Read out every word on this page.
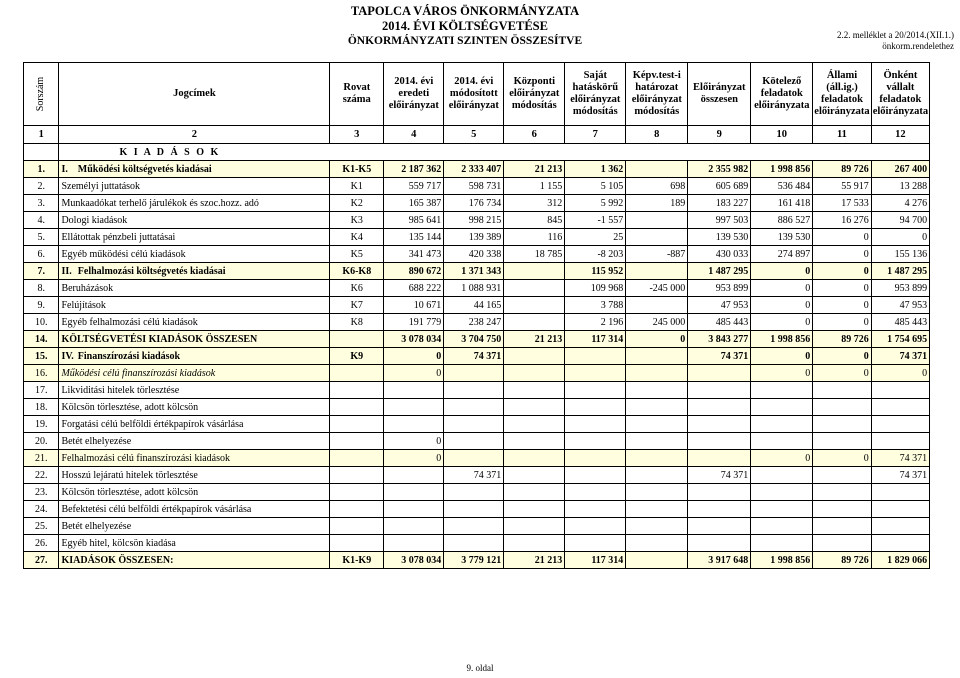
TAPOLCA VÁROS ÖNKORMÁNYZATA
2014. ÉVI KÖLTSÉGVETÉSE
ÖNKORMÁNYZATI SZINTEN ÖSSZESÍTVE	2.2. melléklet a 20/2014.(XII.1.)
önkorm.rendelethez
Sorszám	Jogcímek		Rovat száma	2014. évi eredeti előirányzat	2014. évi módosított előirányzat	Központi előirányzat módosítás	Saját hatáskörű előirányzat módosítás	Képv.test-i határozat előirányzat módosítás	Előirányzat összesen	Kötelező feladatok előirányzata	Állami (áll.ig.) feladatok előirányzata	Önként vállalt feladatok előirányzata
1	2		3	4	5	6	7	8	9	10	11	12
	K I A D Á S O K											
1.	I.	Működési költségvetés kiadásai	K1-K5	2 187 362	2 333 407	21 213	1 362		2 355 982	1 998 856	89 726	267 400
2.	Személyi juttatások		K1	559 717	598 731	1 155	5 105	698	605 689	536 484	55 917	13 288
3.	Munkaadókat terhelő járulékok és szoc.hozz. adó		K2	165 387	176 734	312	5 992	189	183 227	161 418	17 533	4 276
4.	Dologi kiadások		K3	985 641	998 215	845	-1 557		997 503	886 527	16 276	94 700
5.	Ellátottak pénzbeli juttatásai		K4	135 144	139 389	116	25		139 530	139 530	0	0
6.	Egyéb működési célú kiadások		K5	341 473	420 338	18 785	-8 203	-887	430 033	274 897	0	155 136
7.	II.	Felhalmozási költségvetés kiadásai	K6-K8	890 672	1 371 343		115 952		1 487 295	0	0	1 487 295
8.	Beruházások		K6	688 222	1 088 931		109 968	-245 000	953 899	0	0	953 899
9.	Felújítások		K7	10 671	44 165		3 788		47 953	0	0	47 953
10.	Egyéb felhalmozási célú kiadások		K8	191 779	238 247		2 196	245 000	485 443	0	0	485 443
14.	KÖLTSÉGVETÉSI KIADÁSOK ÖSSZESEN			3 078 034	3 704 750	21 213	117 314	0	3 843 277	1 998 856	89 726	1 754 695
15.	IV.	Finanszírozási kiadások	K9	0	74 371				74 371	0	0	74 371
16.	Működési célú finanszírozási kiadások			0						0	0	0
17.	Likviditási hitelek törlesztése											
18.	Kölcsön törlesztése, adott kölcsön											
19.	Forgatási célú belföldi értékpapírok vásárlása											
20.	Betét elhelyezése			0								
21.	Felhalmozási célú finanszírozási kiadások			0						0	0	74 371
22.	Hosszú lejáratú hitelek törlesztése				74 371				74 371			74 371
23.	Kölcsön törlesztése, adott kölcsön											
24.	Befektetési célú belföldi értékpapírok vásárlása											
25.	Betét elhelyezése											
26.	Egyéb hitel, kölcsön kiadása											
27.	KIADÁSOK ÖSSZESEN:		K1-K9	3 078 034	3 779 121	21 213	117 314		3 917 648	1 998 856	89 726	1 829 066
9. oldal
